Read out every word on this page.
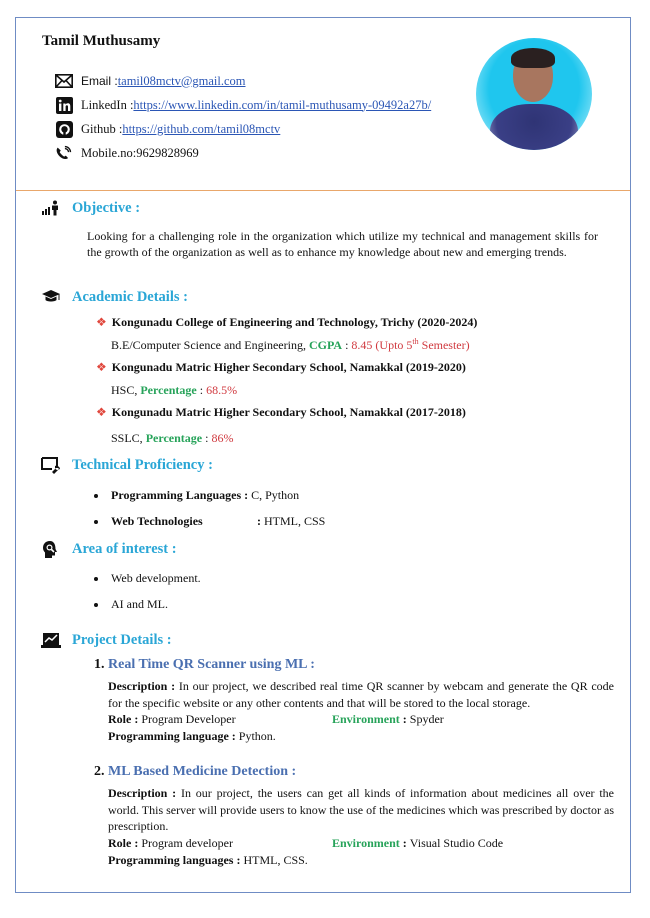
Tamil Muthusamy
Email : tamil08mctv@gmail.com
LinkedIn : https://www.linkedin.com/in/tamil-muthusamy-09492a27b/
Github : https://github.com/tamil08mctv
Mobile.no: 9629828969
Objective :
Looking for a challenging role in the organization which utilize my technical and management skills for the growth of the organization as well as to enhance my knowledge about new and emerging trends.
Academic Details :
❖ Kongunadu College of Engineering and Technology, Trichy (2020-2024)
B.E/Computer Science and Engineering, CGPA : 8.45 (Upto 5th Semester)
❖ Kongunadu Matric Higher Secondary School, Namakkal (2019-2020)
HSC, Percentage : 68.5%
❖ Kongunadu Matric Higher Secondary School, Namakkal (2017-2018)
SSLC, Percentage : 86%
Technical Proficiency :
Programming Languages : C, Python
Web Technologies	: HTML, CSS
Area of interest :
Web development.
AI and ML.
Project Details :
1. Real Time QR Scanner using ML :
Description : In our project, we described real time QR scanner by webcam and generate the QR code for the specific website or any other contents and that will be stored to the local storage.
Role : Program Developer	Environment : Spyder
Programming language : Python.
2. ML Based Medicine Detection :
Description : In our project, the users can get all kinds of information about medicines all over the world. This server will provide users to know the use of the medicines which was prescribed by doctor as prescription.
Role : Program developer	Environment : Visual Studio Code
Programming languages : HTML, CSS.
